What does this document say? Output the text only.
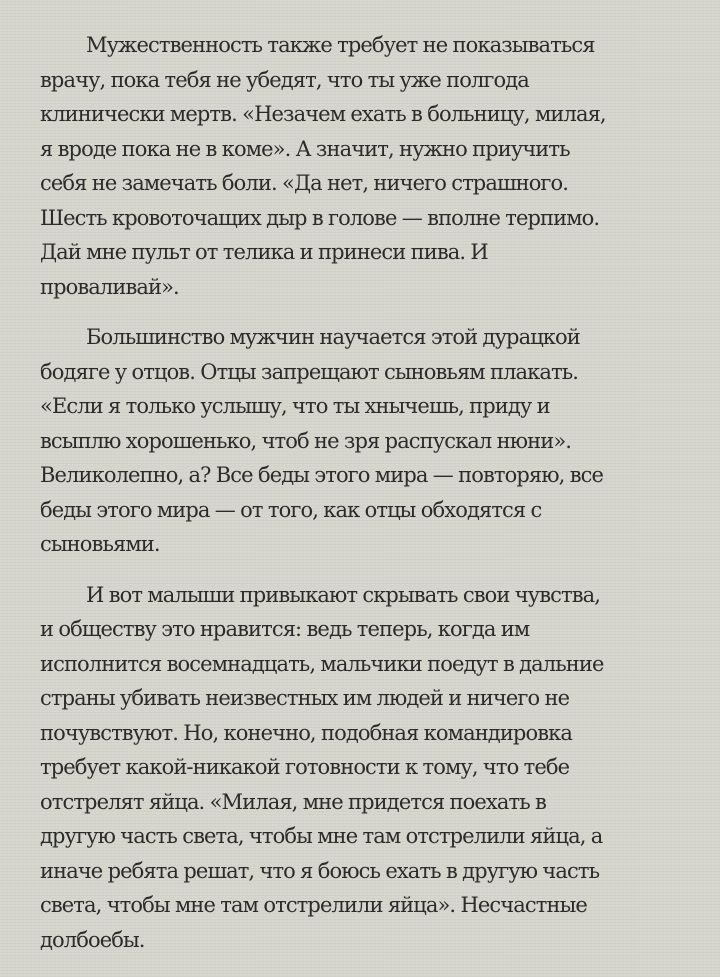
Мужественность также требует не показываться
врачу, пока тебя не убедят, что ты уже полгода
клинически мертв. «Незачем ехать в больницу, милая,
я вроде пока не в коме». А значит, нужно приучить
себя не замечать боли. «Да нет, ничего страшного.
Шесть кровоточащих дыр в голове — вполне терпимо.
Дай мне пульт от телика и принеси пива. И
проваливай».

Большинство мужчин научается этой дурацкой
бодяге у отцов. Отцы запрещают сыновьям плакать.
«Если я только услышу, что ты хнычешь, приду и
всыплю хорошенько, чтоб не зря распускал нюни».
Великолепно, а? Все беды этого мира — повторяю, все
беды этого мира — от того, как отцы обходятся с
сыновьями.

И вот малыши привыкают скрывать свои чувства,
и обществу это нравится: ведь теперь, когда им
исполнится восемнадцать, мальчики поедут в дальние
страны убивать неизвестных им людей и ничего не
почувствуют. Но, конечно, подобная командировка
требует какой-никакой готовности к тому, что тебе
отстрелят яйца. «Милая, мне придется поехать в
другую часть света, чтобы мне там отстрелили яйца, а
иначе ребята решат, что я боюсь ехать в другую часть
света, чтобы мне там отстрелили яйца». Несчастные
долбоебы.
